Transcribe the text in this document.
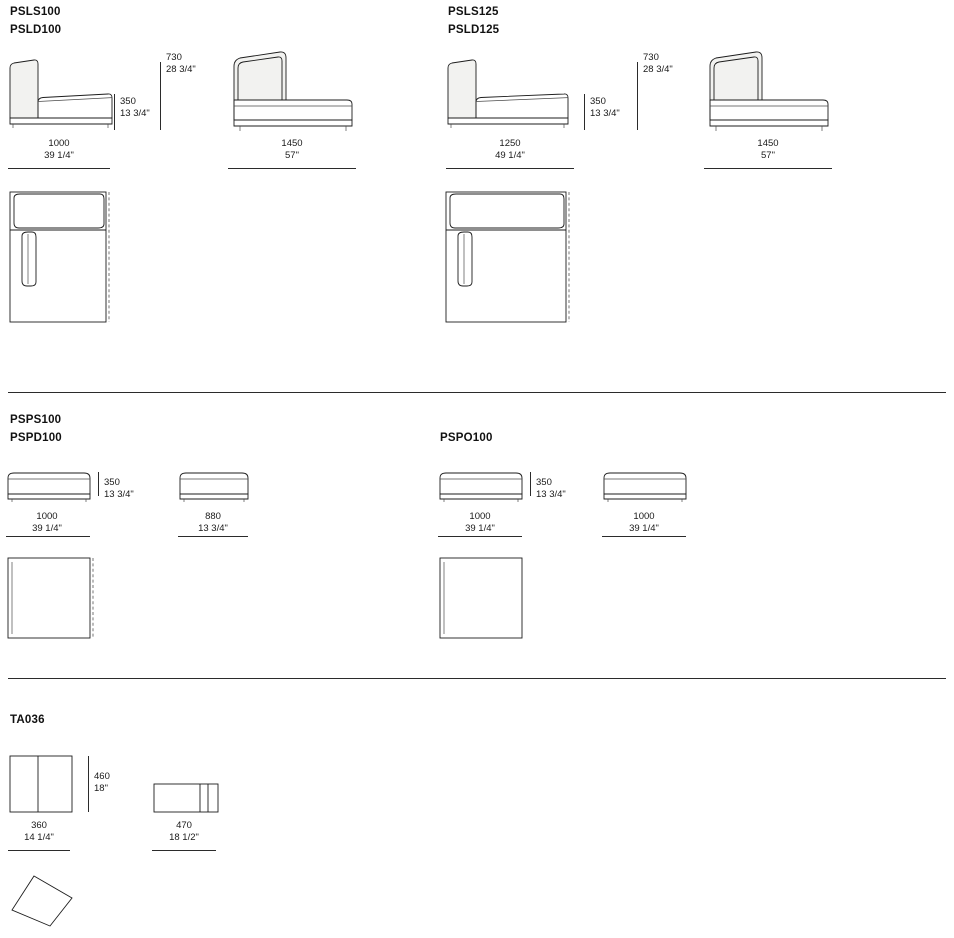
PSLS100
PSLD100
350
13 3/4"
1000
39 1/4"
730
28 3/4"
1450
57"
PSLS125
PSLD125
350
13 3/4"
1250
49 1/4"
730
28 3/4"
1450
57"
PSPS100
PSPD100
350
13 3/4"
1000
39 1/4"
880
13 3/4"
PSPO100
350
13 3/4"
1000
39 1/4"
1000
39 1/4"
TA036
460
18"
360
14 1/4"
470
18 1/2"
